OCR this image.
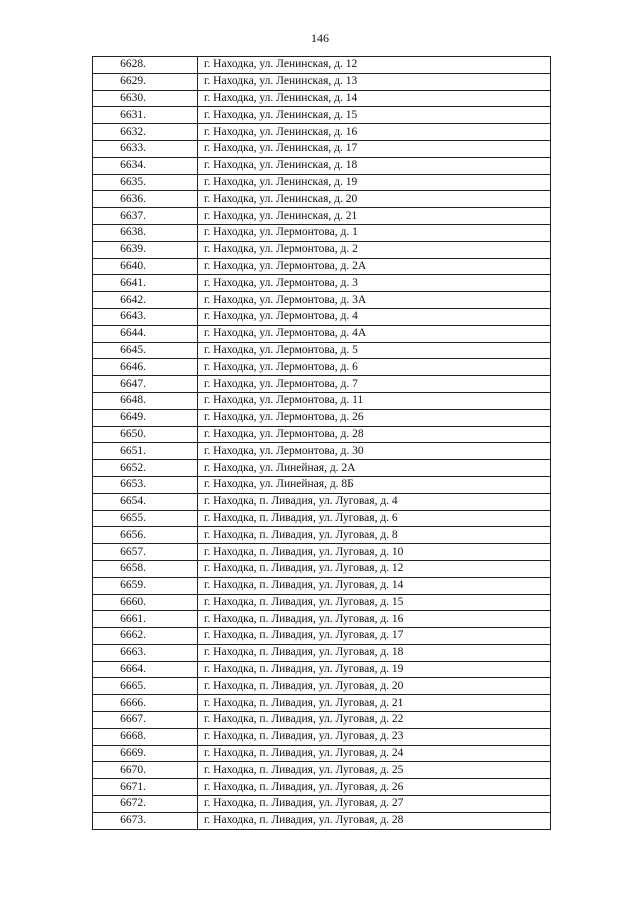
146
6628.	г. Находка, ул. Ленинская, д. 12
6629.	г. Находка, ул. Ленинская, д. 13
6630.	г. Находка, ул. Ленинская, д. 14
6631.	г. Находка, ул. Ленинская, д. 15
6632.	г. Находка, ул. Ленинская, д. 16
6633.	г. Находка, ул. Ленинская, д. 17
6634.	г. Находка, ул. Ленинская, д. 18
6635.	г. Находка, ул. Ленинская, д. 19
6636.	г. Находка, ул. Ленинская, д. 20
6637.	г. Находка, ул. Ленинская, д. 21
6638.	г. Находка, ул. Лермонтова, д. 1
6639.	г. Находка, ул. Лермонтова, д. 2
6640.	г. Находка, ул. Лермонтова, д. 2А
6641.	г. Находка, ул. Лермонтова, д. 3
6642.	г. Находка, ул. Лермонтова, д. 3А
6643.	г. Находка, ул. Лермонтова, д. 4
6644.	г. Находка, ул. Лермонтова, д. 4А
6645.	г. Находка, ул. Лермонтова, д. 5
6646.	г. Находка, ул. Лермонтова, д. 6
6647.	г. Находка, ул. Лермонтова, д. 7
6648.	г. Находка, ул. Лермонтова, д. 11
6649.	г. Находка, ул. Лермонтова, д. 26
6650.	г. Находка, ул. Лермонтова, д. 28
6651.	г. Находка, ул. Лермонтова, д. 30
6652.	г. Находка, ул. Линейная, д. 2А
6653.	г. Находка, ул. Линейная, д. 8Б
6654.	г. Находка, п. Ливадия, ул. Луговая, д. 4
6655.	г. Находка, п. Ливадия, ул. Луговая, д. 6
6656.	г. Находка, п. Ливадия, ул. Луговая, д. 8
6657.	г. Находка, п. Ливадия, ул. Луговая, д. 10
6658.	г. Находка, п. Ливадия, ул. Луговая, д. 12
6659.	г. Находка, п. Ливадия, ул. Луговая, д. 14
6660.	г. Находка, п. Ливадия, ул. Луговая, д. 15
6661.	г. Находка, п. Ливадия, ул. Луговая, д. 16
6662.	г. Находка, п. Ливадия, ул. Луговая, д. 17
6663.	г. Находка, п. Ливадия, ул. Луговая, д. 18
6664.	г. Находка, п. Ливадия, ул. Луговая, д. 19
6665.	г. Находка, п. Ливадия, ул. Луговая, д. 20
6666.	г. Находка, п. Ливадия, ул. Луговая, д. 21
6667.	г. Находка, п. Ливадия, ул. Луговая, д. 22
6668.	г. Находка, п. Ливадия, ул. Луговая, д. 23
6669.	г. Находка, п. Ливадия, ул. Луговая, д. 24
6670.	г. Находка, п. Ливадия, ул. Луговая, д. 25
6671.	г. Находка, п. Ливадия, ул. Луговая, д. 26
6672.	г. Находка, п. Ливадия, ул. Луговая, д. 27
6673.	г. Находка, п. Ливадия, ул. Луговая, д. 28
